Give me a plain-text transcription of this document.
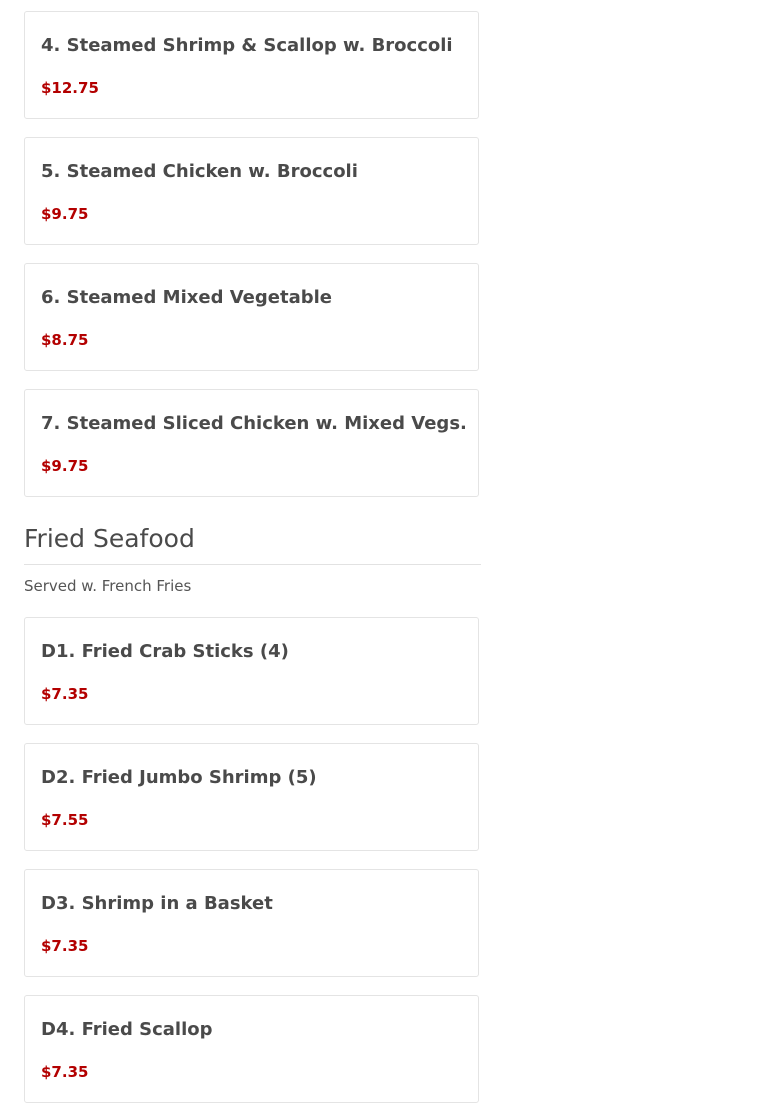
4. Steamed Shrimp & Scallop w. Broccoli
$12.75
5. Steamed Chicken w. Broccoli
$9.75
6. Steamed Mixed Vegetable
$8.75
7. Steamed Sliced Chicken w. Mixed Vegs.
$9.75
Fried Seafood
Served w. French Fries
D1. Fried Crab Sticks (4)
$7.35
D2. Fried Jumbo Shrimp (5)
$7.55
D3. Shrimp in a Basket
$7.35
D4. Fried Scallop
$7.35
